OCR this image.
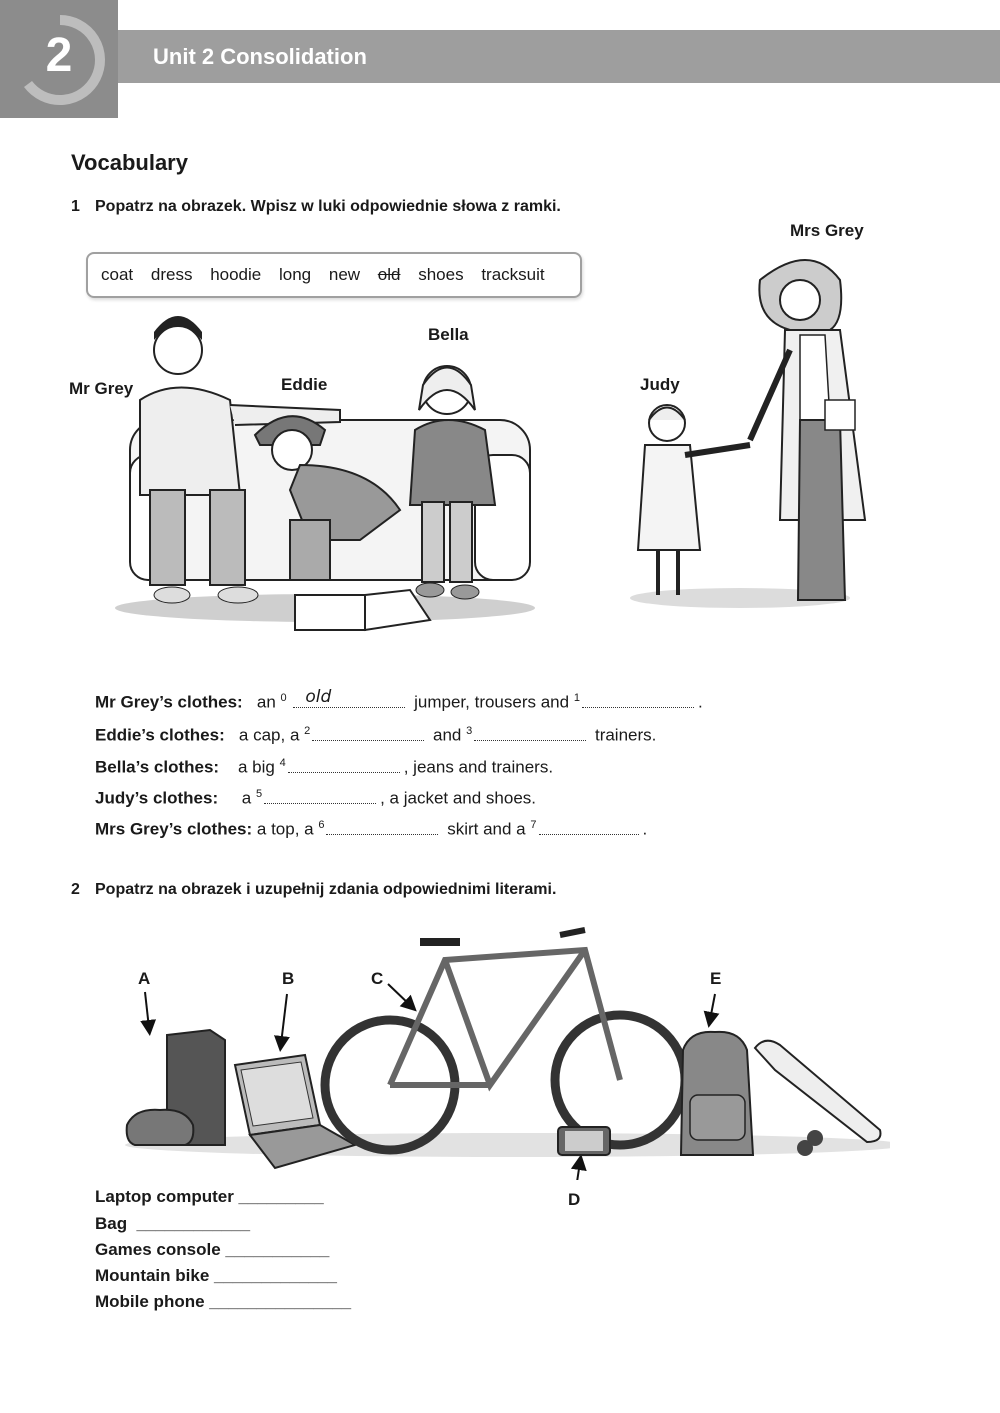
2	Unit 2 Consolidation
Vocabulary
1 Popatrz na obrazek. Wpisz w luki odpowiednie słowa z ramki.
coat dress hoodie long new old shoes tracksuit
Mrs Grey
Bella
Mr Grey	Eddie	Judy
Mr Grey’s clothes: an $^0$ old	jumper, trousers and $^1$	.
Eddie’s clothes: a cap, a $^2$	and $^3$	trainers.
Bella’s clothes: a big $^4$	, jeans and trainers.
Judy’s clothes: a $^5$	, a jacket and shoes.
Mrs Grey’s clothes: a top, a $^6$	skirt and a $^7$	.
2 Popatrz na obrazek i uzupełnij zdania odpowiednimi literami.
A	B	C	E
D
Laptop computer _________
Bag  ____________
Games console ___________
Mountain bike _____________
Mobile phone _______________
